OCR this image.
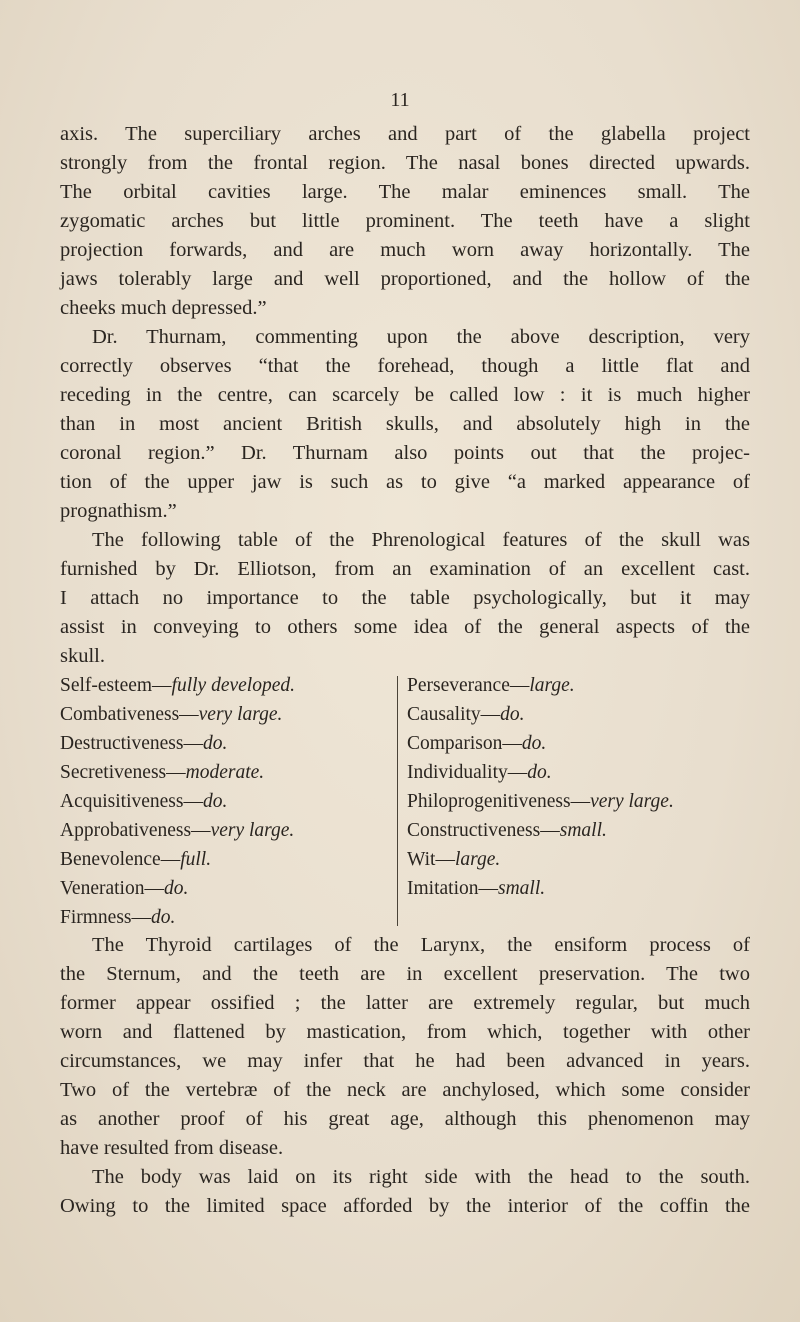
11
axis. The superciliary arches and part of the glabella project
strongly from the frontal region. The nasal bones directed upwards.
The orbital cavities large. The malar eminences small. The
zygomatic arches but little prominent. The teeth have a slight
projection forwards, and are much worn away horizontally. The
jaws tolerably large and well proportioned, and the hollow of the
cheeks much depressed.”
Dr. Thurnam, commenting upon the above description, very
correctly observes “that the forehead, though a little flat and
receding in the centre, can scarcely be called low : it is much higher
than in most ancient British skulls, and absolutely high in the
coronal region.” Dr. Thurnam also points out that the projec-
tion of the upper jaw is such as to give “a marked appearance of
prognathism.”
The following table of the Phrenological features of the skull was
furnished by Dr. Elliotson, from an examination of an excellent cast.
I attach no importance to the table psychologically, but it may
assist in conveying to others some idea of the general aspects of the
skull.
Self-esteem—fully developed.
Combativeness—very large.
Destructiveness—do.
Secretiveness—moderate.
Acquisitiveness—do.
Approbativeness—very large.
Benevolence—full.
Veneration—do.
Firmness—do.
Perseverance—large.
Causality—do.
Comparison—do.
Individuality—do.
Philoprogenitiveness—very large.
Constructiveness—small.
Wit—large.
Imitation—small.
The Thyroid cartilages of the Larynx, the ensiform process of
the Sternum, and the teeth are in excellent preservation. The two
former appear ossified ; the latter are extremely regular, but much
worn and flattened by mastication, from which, together with other
circumstances, we may infer that he had been advanced in years.
Two of the vertebræ of the neck are anchylosed, which some consider
as another proof of his great age, although this phenomenon may
have resulted from disease.
The body was laid on its right side with the head to the south.
Owing to the limited space afforded by the interior of the coffin the
